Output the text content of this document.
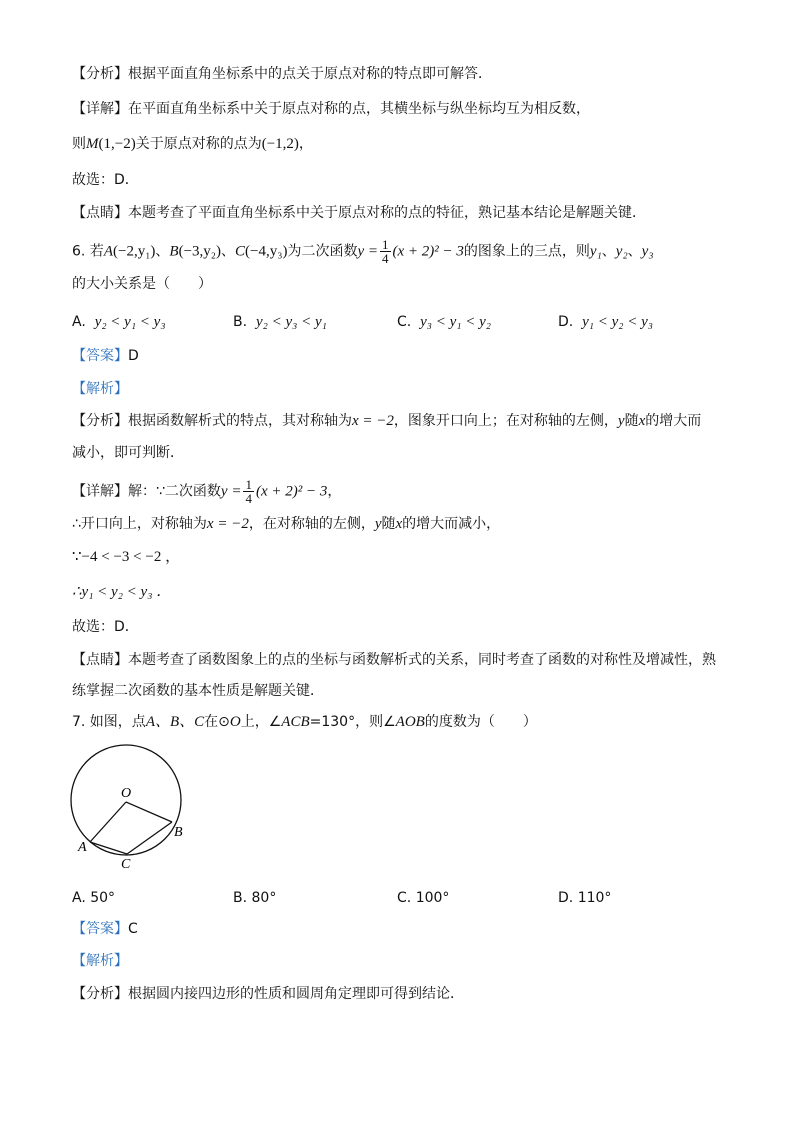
【分析】根据平面直角坐标系中的点关于原点对称的特点即可解答．
【详解】在平面直角坐标系中关于原点对称的点，其横坐标与纵坐标均互为相反数，
则M(1,−2)关于原点对称的点为(−1,2)，
故选：D．
【点睛】本题考查了平面直角坐标系中关于原点对称的点的特征，熟记基本结论是解题关键．
6. 若A(−2,y₁)、B(−3,y₂)、C(−4,y₃)为二次函数$y = \frac{1}{4} (x + 2)^2 - 3$的图象上的三点，则y₁、y₂、y₃
的大小关系是（　　）
A. y₂ < y₁ < y₃	B. y₂ < y₃ < y₁	C. y₃ < y₁ < y₂	D. y₁ < y₂ < y₃
【答案】D
【解析】
【分析】根据函数解析式的特点，其对称轴为x = −2，图象开口向上；在对称轴的左侧，y随x的增大而
减小，即可判断．
【详解】解：∵二次函数$y = \frac{1}{4} (x + 2)^2 - 3$，
∴开口向上，对称轴为x = −2，在对称轴的左侧，y随x的增大而减小，
∵−4 < −3 < −2 ，
∴y₁ < y₂ < y₃ ．
故选：D．
【点睛】本题考查了函数图象上的点的坐标与函数解析式的关系，同时考查了函数的对称性及增减性，熟
练掌握二次函数的基本性质是解题关键．
7. 如图，点A、B、C在⊙O上，∠ACB=130°，则∠AOB的度数为（　　）
O
A
B
C
A. 50°	B. 80°	C. 100°	D. 110°
【答案】C
【解析】
【分析】根据圆内接四边形的性质和圆周角定理即可得到结论．
